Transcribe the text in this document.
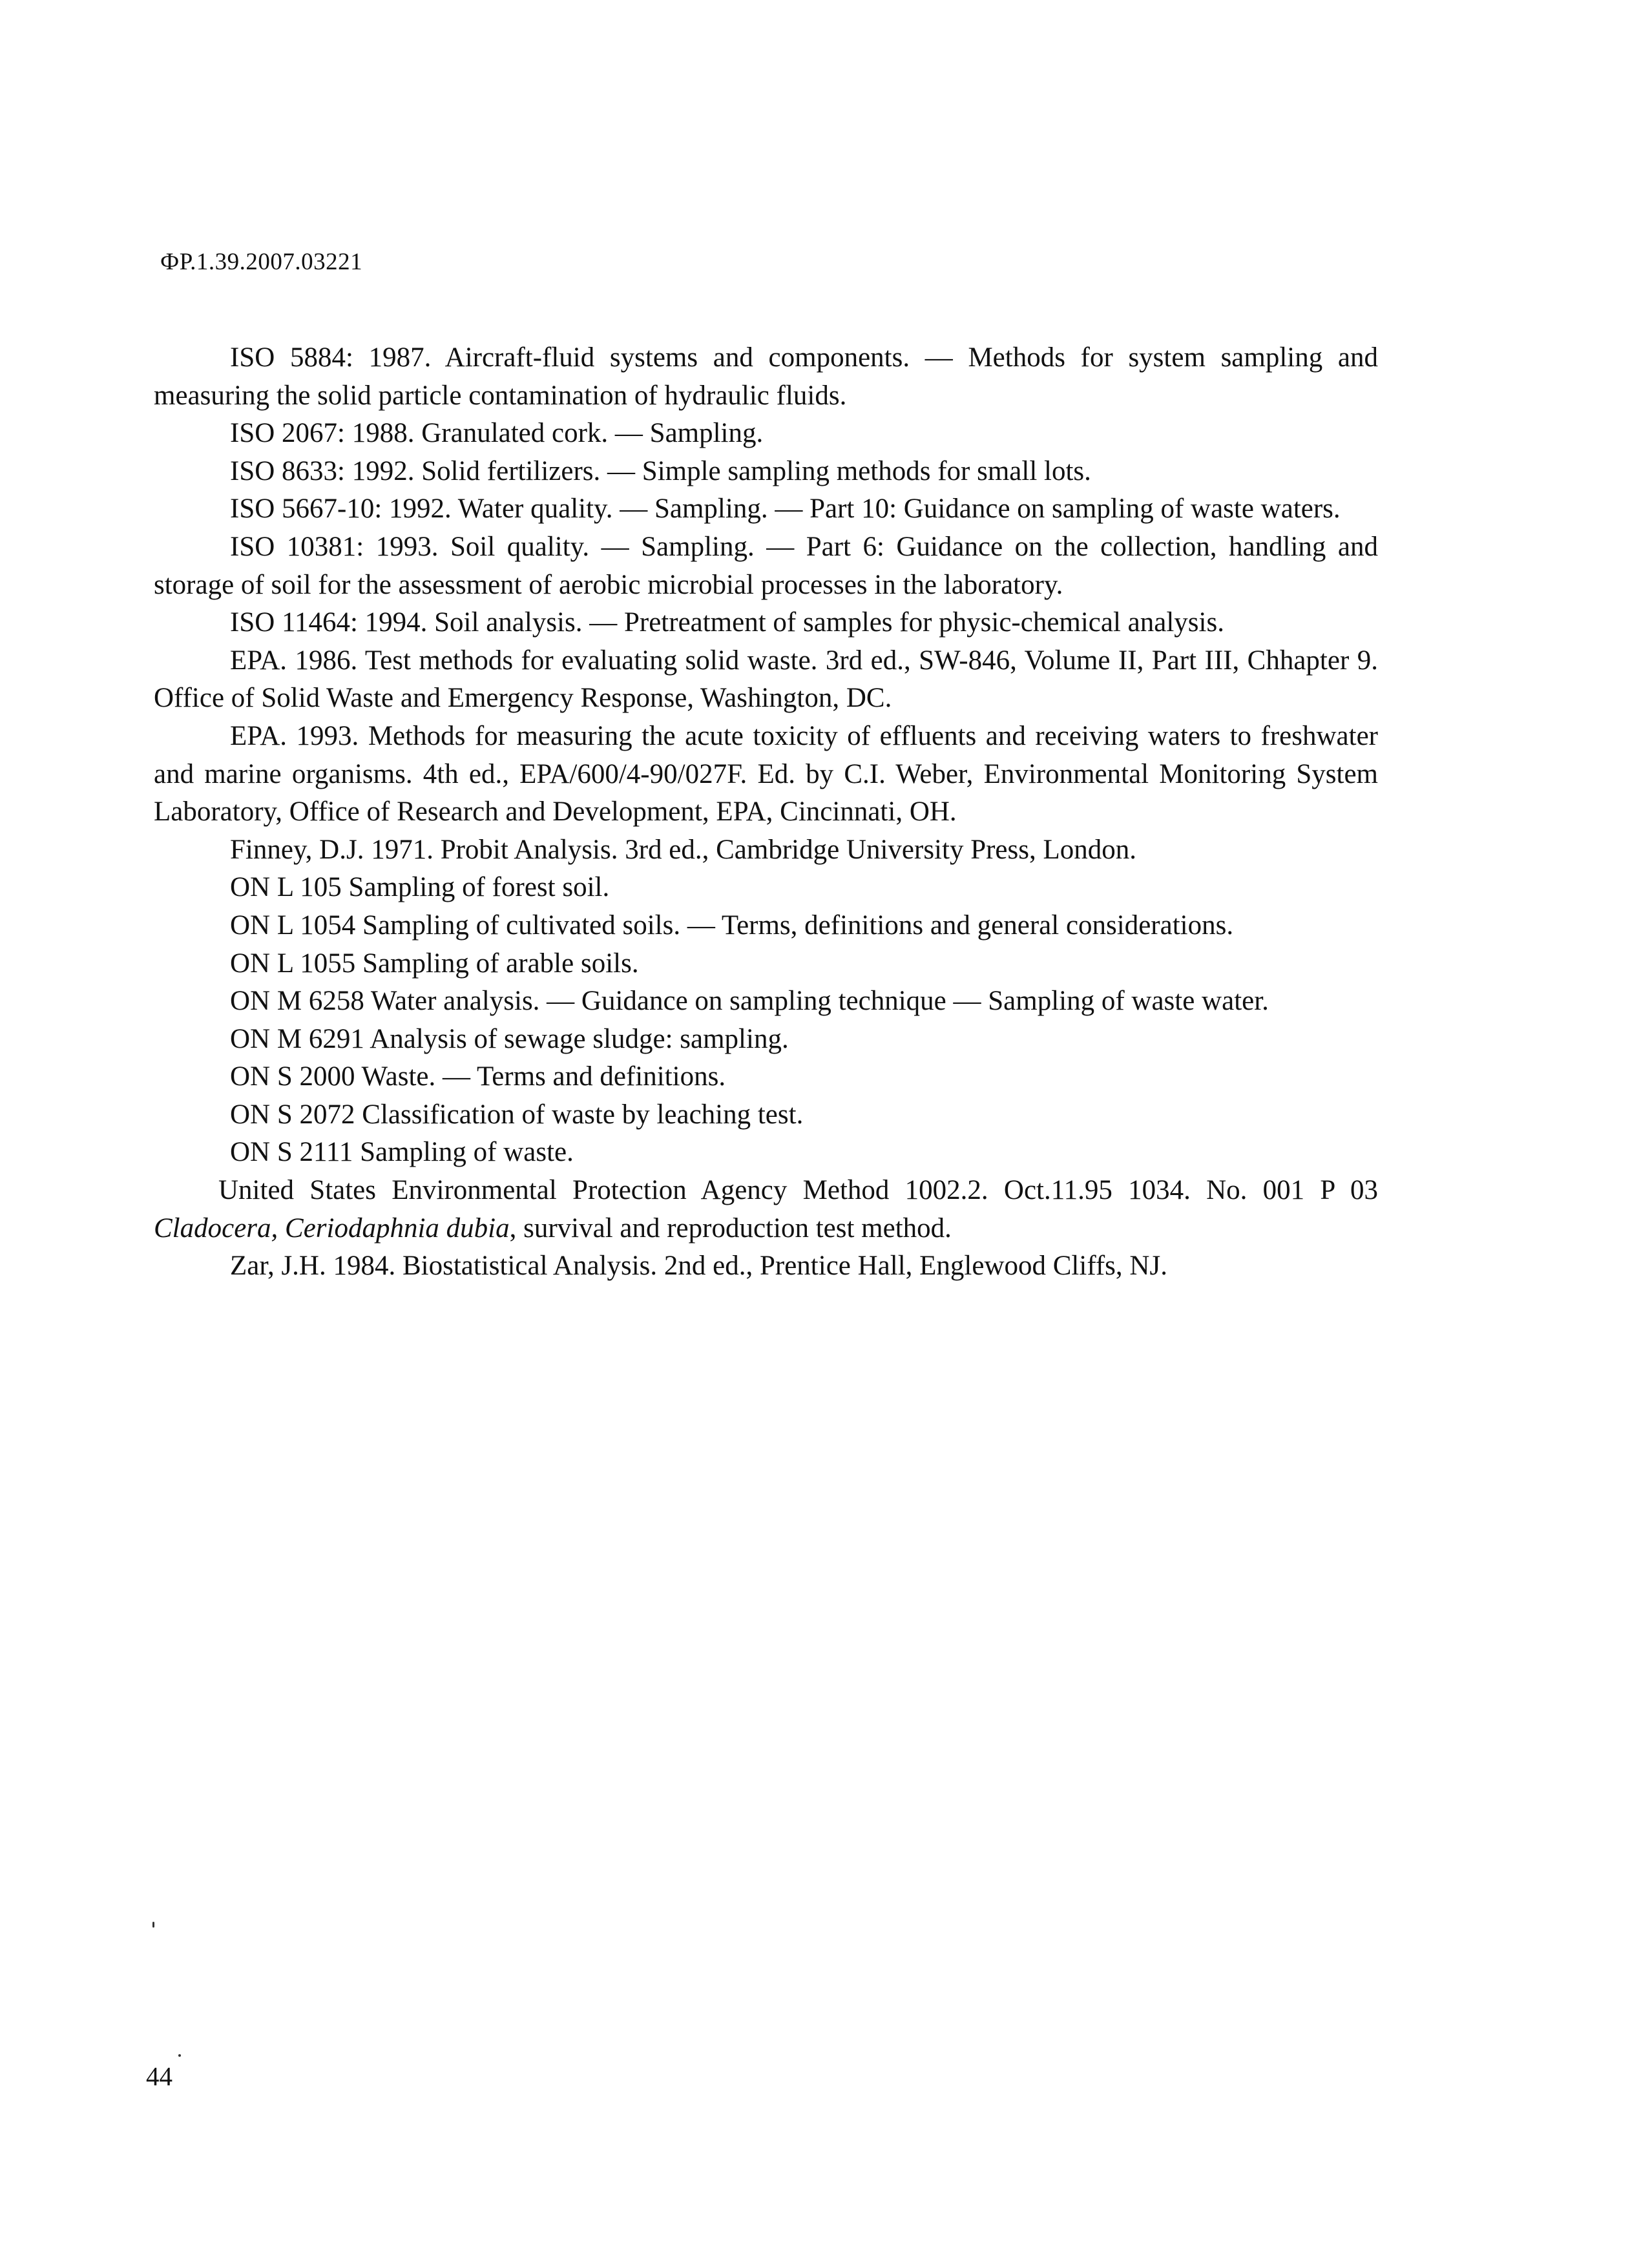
ФР.1.39.2007.03221

ISO 5884: 1987. Aircraft-fluid systems and components. — Methods for system sampling and measuring the solid particle contamination of hydraulic fluids.

ISO 2067: 1988. Granulated cork. — Sampling.

ISO 8633: 1992. Solid fertilizers. — Simple sampling methods for small lots.

ISO 5667-10: 1992. Water quality. — Sampling. — Part 10: Guidance on sampling of waste waters.

ISO 10381: 1993. Soil quality. — Sampling. — Part 6: Guidance on the collection, handling and storage of soil for the assessment of aerobic microbial processes in the laboratory.

ISO 11464: 1994. Soil analysis. — Pretreatment of samples for physic-chemical analysis.

EPA. 1986. Test methods for evaluating solid waste. 3rd ed., SW-846, Volume II, Part III, Chhapter 9. Office of Solid Waste and Emergency Response, Washington, DC.

EPA. 1993. Methods for measuring the acute toxicity of effluents and receiving waters to freshwater and marine organisms. 4th ed., EPA/600/4-90/027F. Ed. by C.I. Weber, Environmental Monitoring System Laboratory, Office of Research and Development, EPA, Cincinnati, OH.

Finney, D.J. 1971. Probit Analysis. 3rd ed., Cambridge University Press, London.

ON L 105 Sampling of forest soil.

ON L 1054 Sampling of cultivated soils. — Terms, definitions and general considerations.

ON L 1055 Sampling of arable soils.

ON M 6258 Water analysis. — Guidance on sampling technique — Sampling of waste water.

ON M 6291 Analysis of sewage sludge: sampling.

ON S 2000 Waste. — Terms and definitions.

ON S 2072 Classification of waste by leaching test.

ON S 2111 Sampling of waste.

United States Environmental Protection Agency Method 1002.2. Oct.11.95 1034. No. 001 P 03 Cladocera, Ceriodaphnia dubia, survival and reproduction test method.

Zar, J.H. 1984. Biostatistical Analysis. 2nd ed., Prentice Hall, Englewood Cliffs, NJ.

44
